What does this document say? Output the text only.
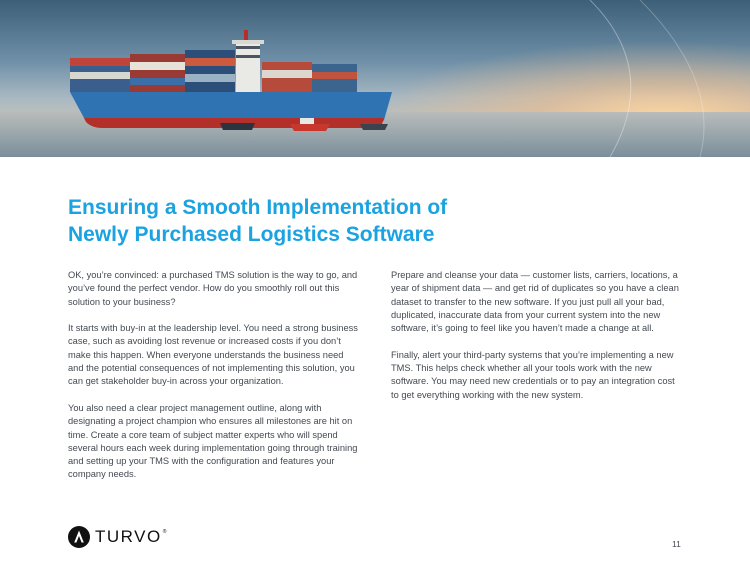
Ensuring a Smooth Implementation of
Newly Purchased Logistics Software

OK, you’re convinced: a purchased TMS solution is the way to go, and you’ve found the perfect vendor. How do you smoothly roll out this solution to your business?

It starts with buy-in at the leadership level. You need a strong business case, such as avoiding lost revenue or increased costs if you don’t make this happen. When everyone understands the business need and the potential consequences of not implementing this solution, you can get stakeholder buy-in across your organization.

You also need a clear project management outline, along with designating a project champion who ensures all milestones are hit on time. Create a core team of subject matter experts who will spend several hours each week during implementation going through training and setting up your TMS with the configuration and features your company needs.

Prepare and cleanse your data — customer lists, carriers, locations, a year of shipment data — and get rid of duplicates so you have a clean dataset to transfer to the new software. If you just pull all your bad, duplicated, inaccurate data from your current system into the new software, it’s going to feel like you haven’t made a change at all.

Finally, alert your third-party systems that you’re implementing a new TMS. This helps check whether all your tools work with the new software. You may need new credentials or to pay an integration cost to get everything working with the new system.

TURVO ®
11
